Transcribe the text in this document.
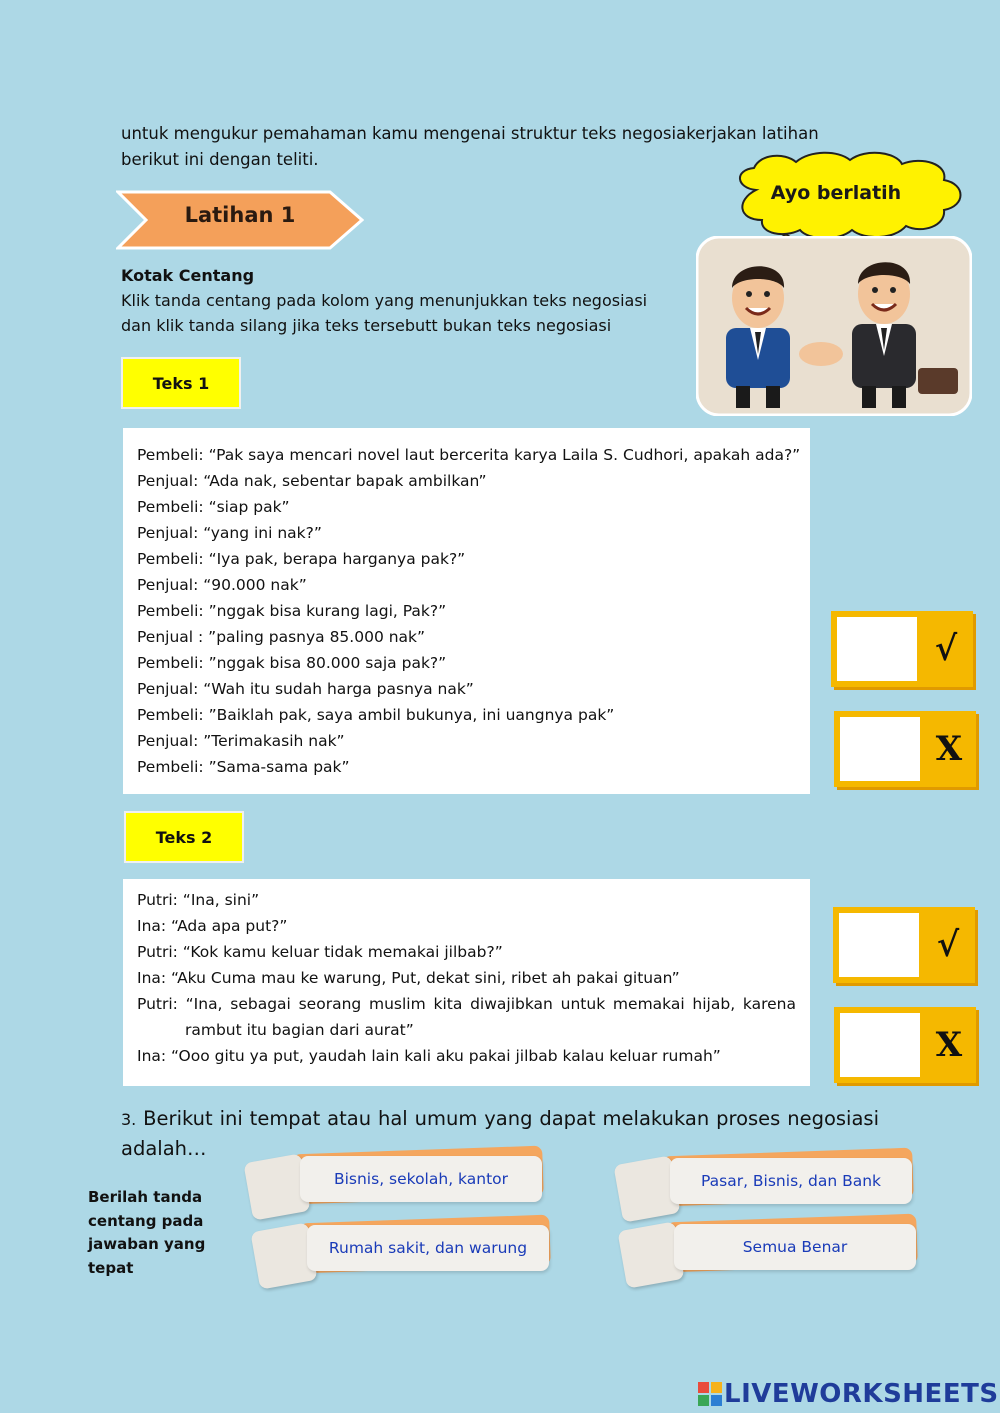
untuk mengukur pemahaman kamu mengenai struktur teks negosiakerjakan latihan berikut ini dengan teliti.
Latihan 1
Kotak Centang
Klik tanda centang pada kolom yang menunjukkan teks negosiasi
dan klik tanda silang jika teks tersebutt bukan teks negosiasi
Ayo berlatih
Teks 1

Pembeli: “Pak saya mencari novel laut bercerita karya Laila S. Cudhori, apakah ada?”

Penjual: “Ada nak, sebentar bapak ambilkan”

Pembeli: “siap pak”

Penjual: “yang ini nak?”

Pembeli: “Iya pak, berapa harganya pak?”

Penjual: “90.000 nak”

Pembeli: ”nggak bisa kurang lagi, Pak?”

Penjual : ”paling pasnya 85.000 nak”

Pembeli: ”nggak bisa 80.000 saja pak?”

Penjual: “Wah itu sudah harga pasnya nak”

Pembeli: ”Baiklah pak, saya ambil bukunya, ini uangnya pak”

Penjual: ”Terimakasih nak”

Pembeli: ”Sama-sama pak”

√
X
Teks 2

Putri: “Ina, sini”

Ina: “Ada apa put?”

Putri: “Kok kamu keluar tidak memakai jilbab?”

Ina: “Aku Cuma mau ke warung, Put, dekat sini, ribet ah pakai gituan”

Putri: “Ina, sebagai seorang muslim kita diwajibkan untuk memakai hijab, karena

rambut itu bagian dari aurat”

Ina: “Ooo gitu ya put, yaudah lain kali aku pakai jilbab kalau keluar rumah”

√
X
3. Berikut ini tempat atau hal umum yang dapat melakukan proses negosiasi adalah…
Berilah tanda
centang pada
jawaban yang tepat
Bisnis, sekolah, kantor	Pasar, Bisnis, dan Bank
Rumah sakit, dan warung	Semua Benar
LIVEWORKSHEETS
